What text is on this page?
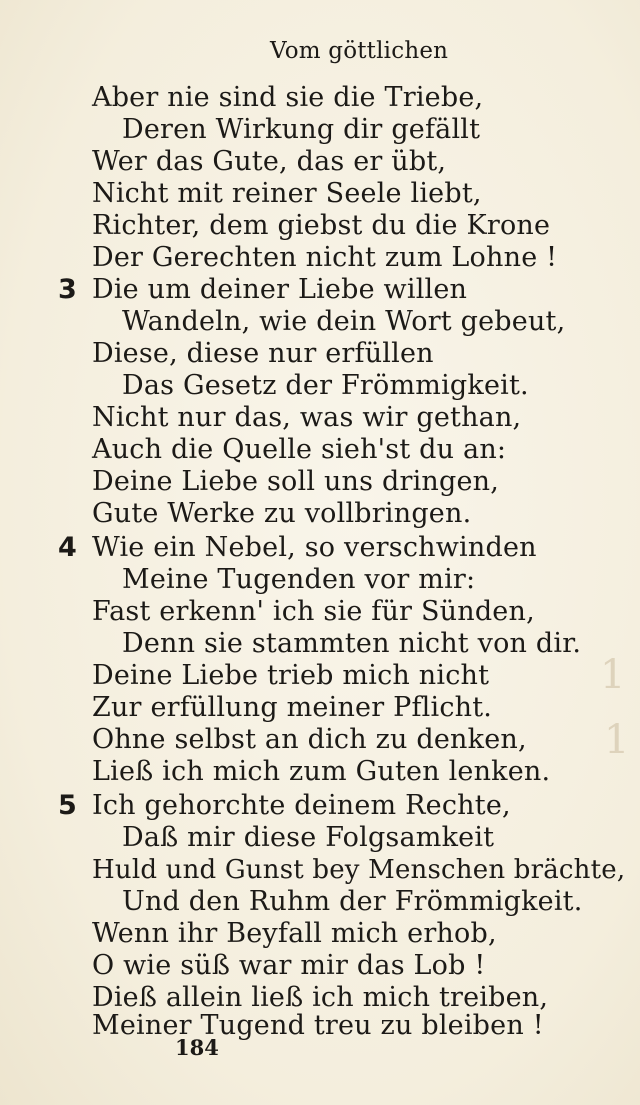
1
1
Vom göttlichen
Aber nie sind sie die Triebe,
Deren Wirkung dir gefällt
Wer das Gute, das er übt,
Nicht mit reiner Seele liebt,
Richter, dem giebst du die Krone
Der Gerechten nicht zum Lohne !
3 Die um deiner Liebe willen
Wandeln, wie dein Wort gebeut,
Diese, diese nur erfüllen
Das Gesetz der Frömmigkeit.
Nicht nur das, was wir gethan,
Auch die Quelle sieh'st du an:
Deine Liebe soll uns dringen,
Gute Werke zu vollbringen.
4 Wie ein Nebel, so verschwinden
Meine Tugenden vor mir:
Fast erkenn' ich sie für Sünden,
Denn sie stammten nicht von dir.
Deine Liebe trieb mich nicht
Zur erfüllung meiner Pflicht.
Ohne selbst an dich zu denken,
Ließ ich mich zum Guten lenken.
5 Ich gehorchte deinem Rechte,
Daß mir diese Folgsamkeit
Huld und Gunst bey Menschen brächte,
Und den Ruhm der Frömmigkeit.
Wenn ihr Beyfall mich erhob,
O wie süß war mir das Lob !
Dieß allein ließ ich mich treiben,
Meiner Tugend treu zu bleiben !
184
